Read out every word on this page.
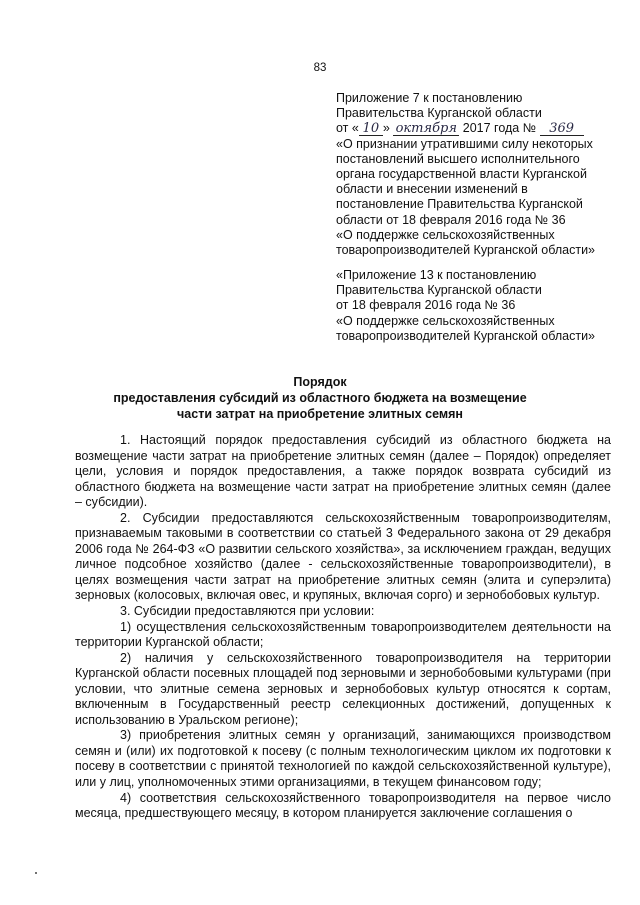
83
Приложение 7 к постановлению
Правительства Курганской области
от « 10 » октября 2017 года № 369
«О признании утратившими силу некоторых
постановлений высшего исполнительного
органа государственной власти Курганской
области и внесении изменений в
постановление Правительства Курганской
области от 18 февраля 2016 года № 36
«О поддержке сельскохозяйственных
товаропроизводителей Курганской области»
«Приложение 13 к постановлению
Правительства Курганской области
от 18 февраля 2016 года № 36
«О поддержке сельскохозяйственных
товаропроизводителей Курганской области»
Порядок
предоставления субсидий из областного бюджета на возмещение
части затрат на приобретение элитных семян

1. Настоящий порядок предоставления субсидий из областного бюджета на возмещение части затрат на приобретение элитных семян (далее – Порядок) определяет цели, условия и порядок предоставления, а также порядок возврата субсидий из областного бюджета на возмещение части затрат на приобретение элитных семян (далее – субсидии).

2. Субсидии предоставляются сельскохозяйственным товаропроизводителям, признаваемым таковыми в соответствии со статьей 3 Федерального закона от 29 декабря 2006 года № 264-ФЗ «О развитии сельского хозяйства», за исключением граждан, ведущих личное подсобное хозяйство (далее - сельскохозяйственные товаропроизводители), в целях возмещения части затрат на приобретение элитных семян (элита и суперэлита) зерновых (колосовых, включая овес, и крупяных, включая сорго) и зернобобовых культур.

3. Субсидии предоставляются при условии:

1) осуществления сельскохозяйственным товаропроизводителем деятельности на территории Курганской области;

2) наличия у сельскохозяйственного товаропроизводителя на территории Курганской области посевных площадей под зерновыми и зернобобовыми культурами (при условии, что элитные семена зерновых и зернобобовых культур относятся к сортам, включенным в Государственный реестр селекционных достижений, допущенных к использованию в Уральском регионе);

3) приобретения элитных семян у организаций, занимающихся производством семян и (или) их подготовкой к посеву (с полным технологическим циклом их подготовки к посеву в соответствии с принятой технологией по каждой сельскохозяйственной культуре), или у лиц, уполномоченных этими организациями, в текущем финансовом году;

4) соответствия сельскохозяйственного товаропроизводителя на первое число месяца, предшествующего месяцу, в котором планируется заключение соглашения о
